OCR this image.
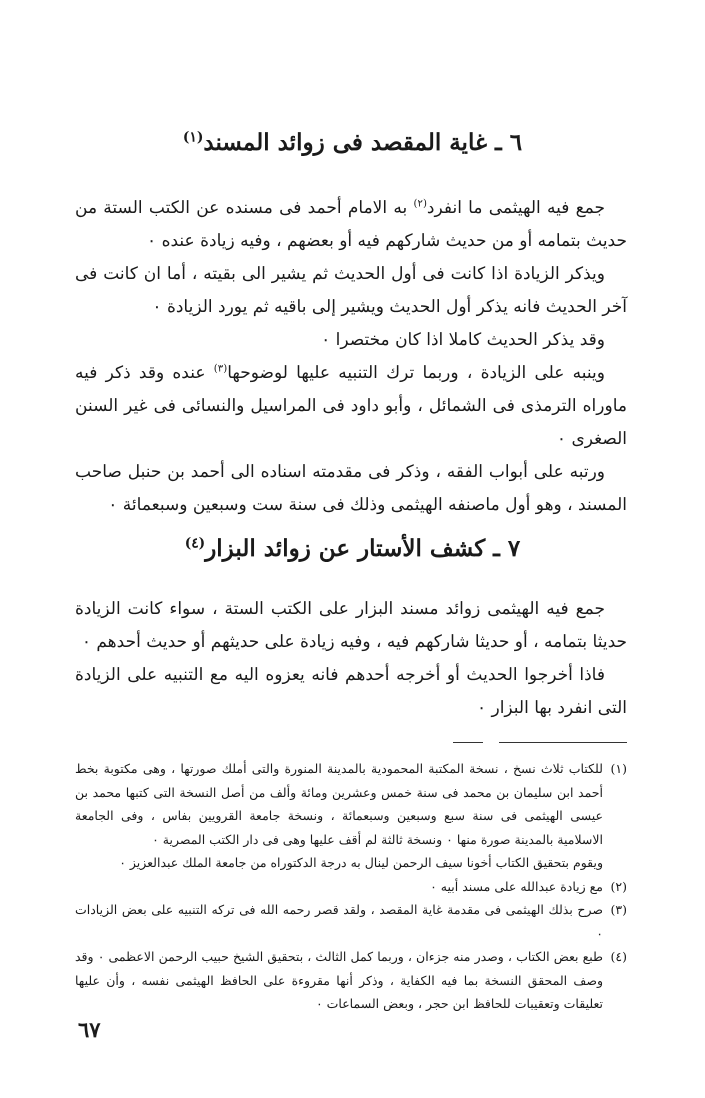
٦ ـ غاية المقصد فى زوائد المسند$^{(١)}$

جمع فيه الهيثمى ما انفرد$^{(٢)}$ به الامام أحمد فى مسنده عن الكتب الستة من حديث بتمامه أو من حديث شاركهم فيه أو بعضهم ، وفيه زيادة عنده ٠

ويذكر الزيادة اذا كانت فى أول الحديث ثم يشير الى بقيته ، أما ان كانت فى آخر الحديث فانه يذكر أول الحديث ويشير إلى باقيه ثم يورد الزيادة ٠

وقد يذكر الحديث كاملا اذا كان مختصرا ٠

وينبه على الزيادة ، وربما ترك التنبيه عليها لوضوحها$^{(٣)}$ عنده وقد ذكر فيه ماوراه الترمذى فى الشمائل ، وأبو داود فى المراسيل والنسائى فى غير السنن الصغرى ٠

ورتبه على أبواب الفقه ، وذكر فى مقدمته اسناده الى أحمد بن حنبل صاحب المسند ، وهو أول ماصنفه الهيثمى وذلك فى سنة ست وسبعين وسبعمائة ٠

٧ ـ كشف الأستار عن زوائد البزار$^{(٤)}$

جمع فيه الهيثمى زوائد مسند البزار على الكتب الستة ، سواء كانت الزيادة حديثا بتمامه ، أو حديثا شاركهم فيه ، وفيه زيادة على حديثهم أو حديث أحدهم ٠

فاذا أخرجوا الحديث أو أخرجه أحدهم فانه يعزوه اليه مع التنبيه على الزيادة التى انفرد بها البزار ٠

(١)
للكتاب ثلاث نسخ ، نسخة المكتبة المحمودية بالمدينة المنورة والتى أملك صورتها ، وهى مكتوبة بخط أحمد ابن سليمان بن محمد فى سنة خمس وعشرين ومائة وألف من أصل النسخة التى كتبها محمد بن عيسى الهيثمى فى سنة سبع وسبعين وسبعمائة ، ونسخة جامعة القرويين بفاس ، وفى الجامعة الاسلامية بالمدينة صورة منها ٠ ونسخة ثالثة لم أقف عليها وهى فى دار الكتب المصرية ٠

ويقوم بتحقيق الكتاب أخونا سيف الرحمن لينال به درجة الدكتوراه من جامعة الملك عبدالعزيز ٠

(٢)
مع زيادة عبدالله على مسند أبيه ٠

(٣)
صرح بذلك الهيثمى فى مقدمة غاية المقصد ، ولقد قصر رحمه الله فى تركه التنبيه على بعض الزيادات ٠

(٤)
طبع بعض الكتاب ، وصدر منه جزءان ، وربما كمل الثالث ، بتحقيق الشيخ حبيب الرحمن الاعظمى ٠ وقد وصف المحقق النسخة بما فيه الكفاية ، وذكر أنها مقروءة على الحافظ الهيثمى نفسه ، وأن عليها تعليقات وتعقيبات للحافظ ابن حجر ، وبعض السماعات ٠

٦٧
